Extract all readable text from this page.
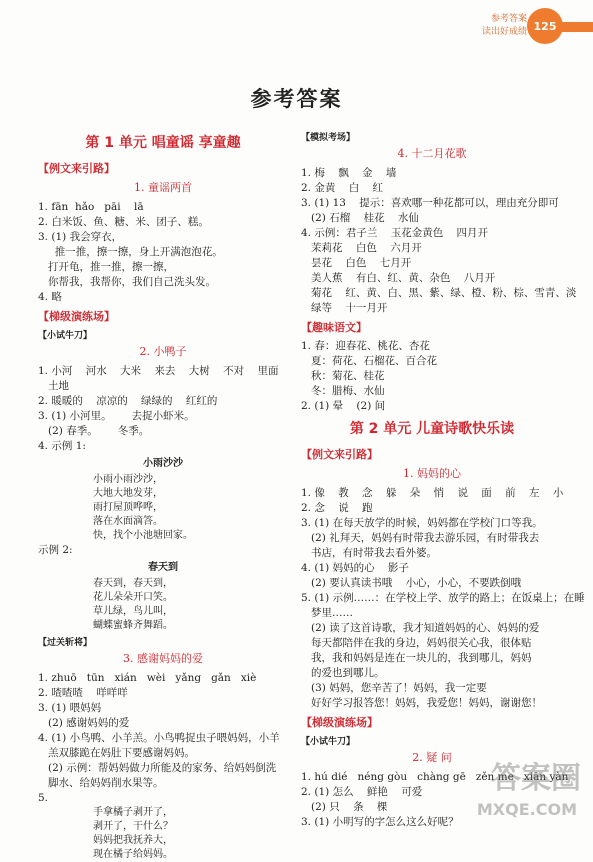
参考答案
读出好成绩 125
参考答案
第 1 单元 唱童谣 享童趣
【例文来引路】
1. 童谣两首
1. fān  hǎo   pāi    lā
2. 白米饭、鱼、糖、米、团子、糕。
3. (1) 我会穿衣，
推一推，擦一擦，身上开满泡泡花。
打开龟，推一推，擦一擦，
你帮我，我帮你，我们自己洗头发。
4. 略
【梯级演练场】
【小试牛刀】
2. 小鸭子
1. 小河    河水    大米    来去    大树    不对    里面
土地
2. 暖暖的    凉凉的    绿绿的    红红的
3. (1) 小河里。      去捉小虾米。
(2) 春季。      冬季。
4. 示例 1:
小雨沙沙
小雨小雨沙沙，
大地大地发芽，
雨打屋顶哗哗，
落在水面滴答。
快，找个小池塘回家。
示例 2:
春天到
春天到，春天到，
花儿朵朵开口笑。
草儿绿，鸟儿叫，
蝴蝶蜜蜂齐舞蹈。
【过关斩将】
3. 感谢妈妈的爱
1. zhuō   tūn   xián   wèi   yǎng   gǎn   xiè
2. 喳喳喳    咩咩咩
3. (1) 喂妈妈
(2) 感谢妈妈的爱
4. (1) 小鸟鸭、小羊羔。小鸟鸭捉虫子喂妈妈，小羊
羔双膝跪在妈肚下要感谢妈妈。
(2) 示例：帮妈妈做力所能及的家务、给妈妈倒洗
脚水、给妈妈削水果等。
5.
手拿橘子剥开了，
剥开了，干什么？
妈妈把我抚养大，
现在橘子给妈妈。
【模拟考场】
4. 十二月花歌
1. 梅    飘    金    墙
2. 金黄    白    红
3. (1) 13    提示：喜欢哪一种花都可以，理由充分即可
(2) 石榴    桂花    水仙
4. 示例：君子兰    玉花金黄色    四月开
茉莉花    白色    六月开
昙花    白色    七月开
美人蕉    有白、红、黄、杂色    八月开
菊花    红、黄、白、黑、紫、绿、橙、粉、棕、雪青、淡
绿等    十一月开
【趣味语文】
1. 春：迎春花、桃花、杏花
夏：荷花、石榴花、百合花
秋：菊花、桂花
冬：腊梅、水仙
2. (1) 晕    (2) 间
第 2 单元 儿童诗歌快乐读
【例文来引路】
1. 妈妈的心
1. 像    教    念    躲    朵    悄    说    面    前    左    小
2. 念    说    跑
3. (1) 在每天放学的时候，妈妈都在学校门口等我。
(2) 礼拜天，妈妈有时带我去游乐园，有时带我去
书店，有时带我去看外婆。
4. (1) 妈妈的心    影子
(2) 要认真读书哦    小心，小心，不要跌倒哦
5. (1) 示例……：在学校上学、放学的路上；在饭桌上；在睡
梦里……
(2) 读了这首诗歌，我才知道妈妈的心、妈妈的爱
每天都陪伴在我的身边，妈妈很关心我，很体贴
我，我和妈妈是连在一块儿的，我到哪儿，妈妈
的爱也到哪儿。
(3) 妈妈，您辛苦了！妈妈，我一定要
好好学习报答您！妈妈，我爱您！妈妈，谢谢您！
【梯级演练场】
【小试牛刀】
2. 疑 问
1. hú dié   néng gòu   chàng gē   zěn me   xiān yàn
2. (1) 怎么    鲜艳    可爱
(2) 只    条    棵
3. (1) 小明写的字怎么这么好呢？
答案圈
MXQE.COM
